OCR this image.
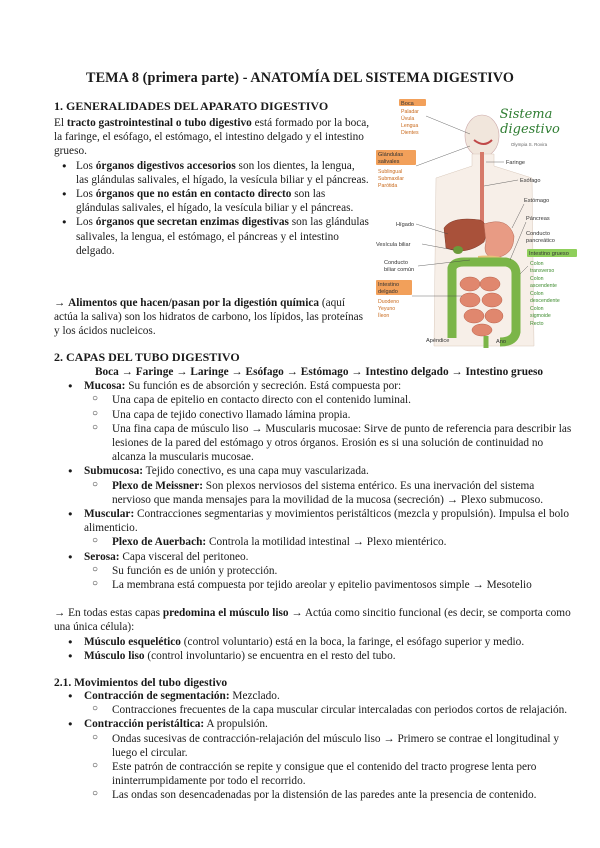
TEMA 8 (primera parte) - ANATOMÍA DEL SISTEMA DIGESTIVO
1. GENERALIDADES DEL APARATO DIGESTIVO

El tracto gastrointestinal o tubo digestivo está formado por la boca, la faringe, el esófago, el estómago, el intestino delgado y el intestino grueso.

● Los órganos digestivos accesorios son los dientes, la lengua, las glándulas salivales, el hígado, la vesícula biliar y el páncreas.
● Los órganos que no están en contacto directo son las glándulas salivales, el hígado, la vesícula biliar y el páncreas.
● Los órganos que secretan enzimas digestivas son las glándulas salivales, la lengua, el estómago, el páncreas y el intestino delgado.

→ Alimentos que hacen/pasan por la digestión química (aquí actúa la saliva) son los hidratos de carbono, los lípidos, las proteínas y los ácidos nucleicos.

Sistema
digestivo
Olympia S. Rovira
Boca
Paladar
Úvula
Lengua
Dientes
Glándulas
salivales
Sublingual
Submaxilar
Parótida
Hígado
Vesícula biliar
Conducto
biliar común
Intestino
delgado
Duodeno
Yeyuno
Íleon
Apéndice
Faringe
Esófago
Estómago
Páncreas
Conducto
pancreático
Intestino grueso
Colon
transverso
Colon
ascendente
Colon
descendente
Colon
sigmoide
Recto
Ano
2. CAPAS DEL TUBO DIGESTIVO
Boca → Faringe → Laringe → Esófago → Estómago → Intestino delgado → Intestino grueso
● Mucosa: Su función es de absorción y secreción. Está compuesta por:
○ Una capa de epitelio en contacto directo con el contenido luminal.
○ Una capa de tejido conectivo llamado lámina propia.
○ Una fina capa de músculo liso → Muscularis mucosae: Sirve de punto de referencia para describir las lesiones de la pared del estómago y otros órganos. Erosión es si una solución de continuidad no alcanza la muscularis mucosae.
● Submucosa: Tejido conectivo, es una capa muy vascularizada.
○ Plexo de Meissner: Son plexos nerviosos del sistema entérico. Es una inervación del sistema nervioso que manda mensajes para la movilidad de la mucosa (secreción) → Plexo submucoso.
● Muscular: Contracciones segmentarias y movimientos peristálticos (mezcla y propulsión). Impulsa el bolo alimenticio.
○ Plexo de Auerbach: Controla la motilidad intestinal → Plexo mientérico.
● Serosa: Capa visceral del peritoneo.
○ Su función es de unión y protección.
○ La membrana está compuesta por tejido areolar y epitelio pavimentosos simple → Mesotelio

→ En todas estas capas predomina el músculo liso → Actúa como sincitio funcional (es decir, se comporta como una única célula):

● Músculo esquelético (control voluntario) está en la boca, la faringe, el esófago superior y medio.
● Músculo liso (control involuntario) se encuentra en el resto del tubo.
2.1. Movimientos del tubo digestivo
● Contracción de segmentación: Mezclado.
○ Contracciones frecuentes de la capa muscular circular intercaladas con periodos cortos de relajación.
● Contracción peristáltica: A propulsión.
○ Ondas sucesivas de contracción-relajación del músculo liso → Primero se contrae el longitudinal y luego el circular.
○ Este patrón de contracción se repite y consigue que el contenido del tracto progrese lenta pero ininterrumpidamente por todo el recorrido.
○ Las ondas son desencadenadas por la distensión de las paredes ante la presencia de contenido.
